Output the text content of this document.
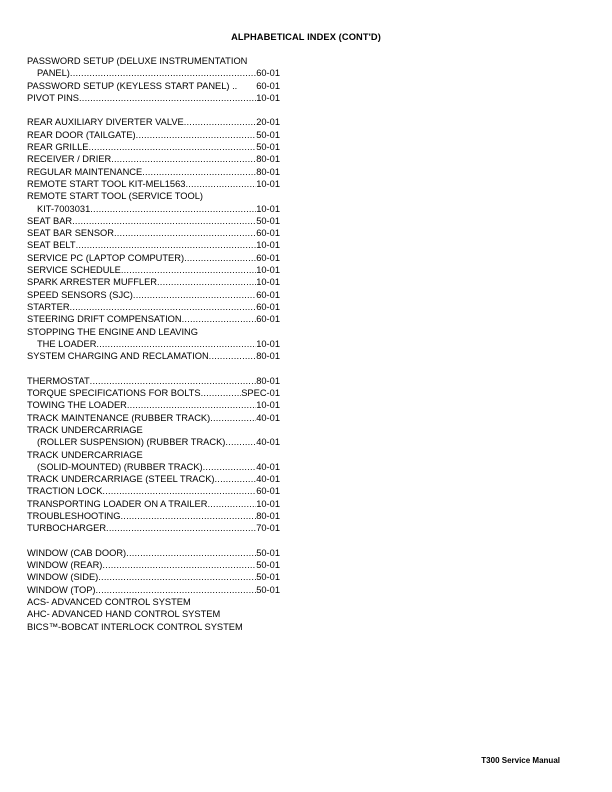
ALPHABETICAL INDEX (CONT'D)
PASSWORD SETUP (DELUXE INSTRUMENTATION
PANEL) .....	60-01
PASSWORD SETUP (KEYLESS START PANEL) .. 60-01
PIVOT PINS .....	10-01
REAR AUXILIARY DIVERTER VALVE .....	20-01
REAR DOOR (TAILGATE) .....	50-01
REAR GRILLE .....	50-01
RECEIVER / DRIER .....	80-01
REGULAR MAINTENANCE .....	80-01
REMOTE START TOOL KIT-MEL1563 .....	10-01
REMOTE START TOOL (SERVICE TOOL)
KIT-7003031 .....	10-01
SEAT BAR .....	50-01
SEAT BAR SENSOR .....	60-01
SEAT BELT .....	10-01
SERVICE PC (LAPTOP COMPUTER) .....	60-01
SERVICE SCHEDULE .....	10-01
SPARK ARRESTER MUFFLER .....	10-01
SPEED SENSORS (SJC) .....	60-01
STARTER .....	60-01
STEERING DRIFT COMPENSATION .....	60-01
STOPPING THE ENGINE AND LEAVING
THE LOADER .....	10-01
SYSTEM CHARGING AND RECLAMATION .....	80-01
THERMOSTAT .....	80-01
TORQUE SPECIFICATIONS FOR BOLTS .....	SPEC-01
TOWING THE LOADER .....	10-01
TRACK MAINTENANCE (RUBBER TRACK) .....	40-01
TRACK UNDERCARRIAGE
(ROLLER SUSPENSION) (RUBBER TRACK) .....	40-01
TRACK UNDERCARRIAGE
(SOLID-MOUNTED) (RUBBER TRACK) .....	40-01
TRACK UNDERCARRIAGE (STEEL TRACK) .....	40-01
TRACTION LOCK .....	60-01
TRANSPORTING LOADER ON A TRAILER .....	10-01
TROUBLESHOOTING .....	80-01
TURBOCHARGER .....	70-01
WINDOW (CAB DOOR) .....	50-01
WINDOW (REAR) .....	50-01
WINDOW (SIDE) .....	50-01
WINDOW (TOP) .....	50-01
ACS- ADVANCED CONTROL SYSTEM
AHC- ADVANCED HAND CONTROL SYSTEM
BICS™-BOBCAT INTERLOCK CONTROL SYSTEM
T300 Service Manual
